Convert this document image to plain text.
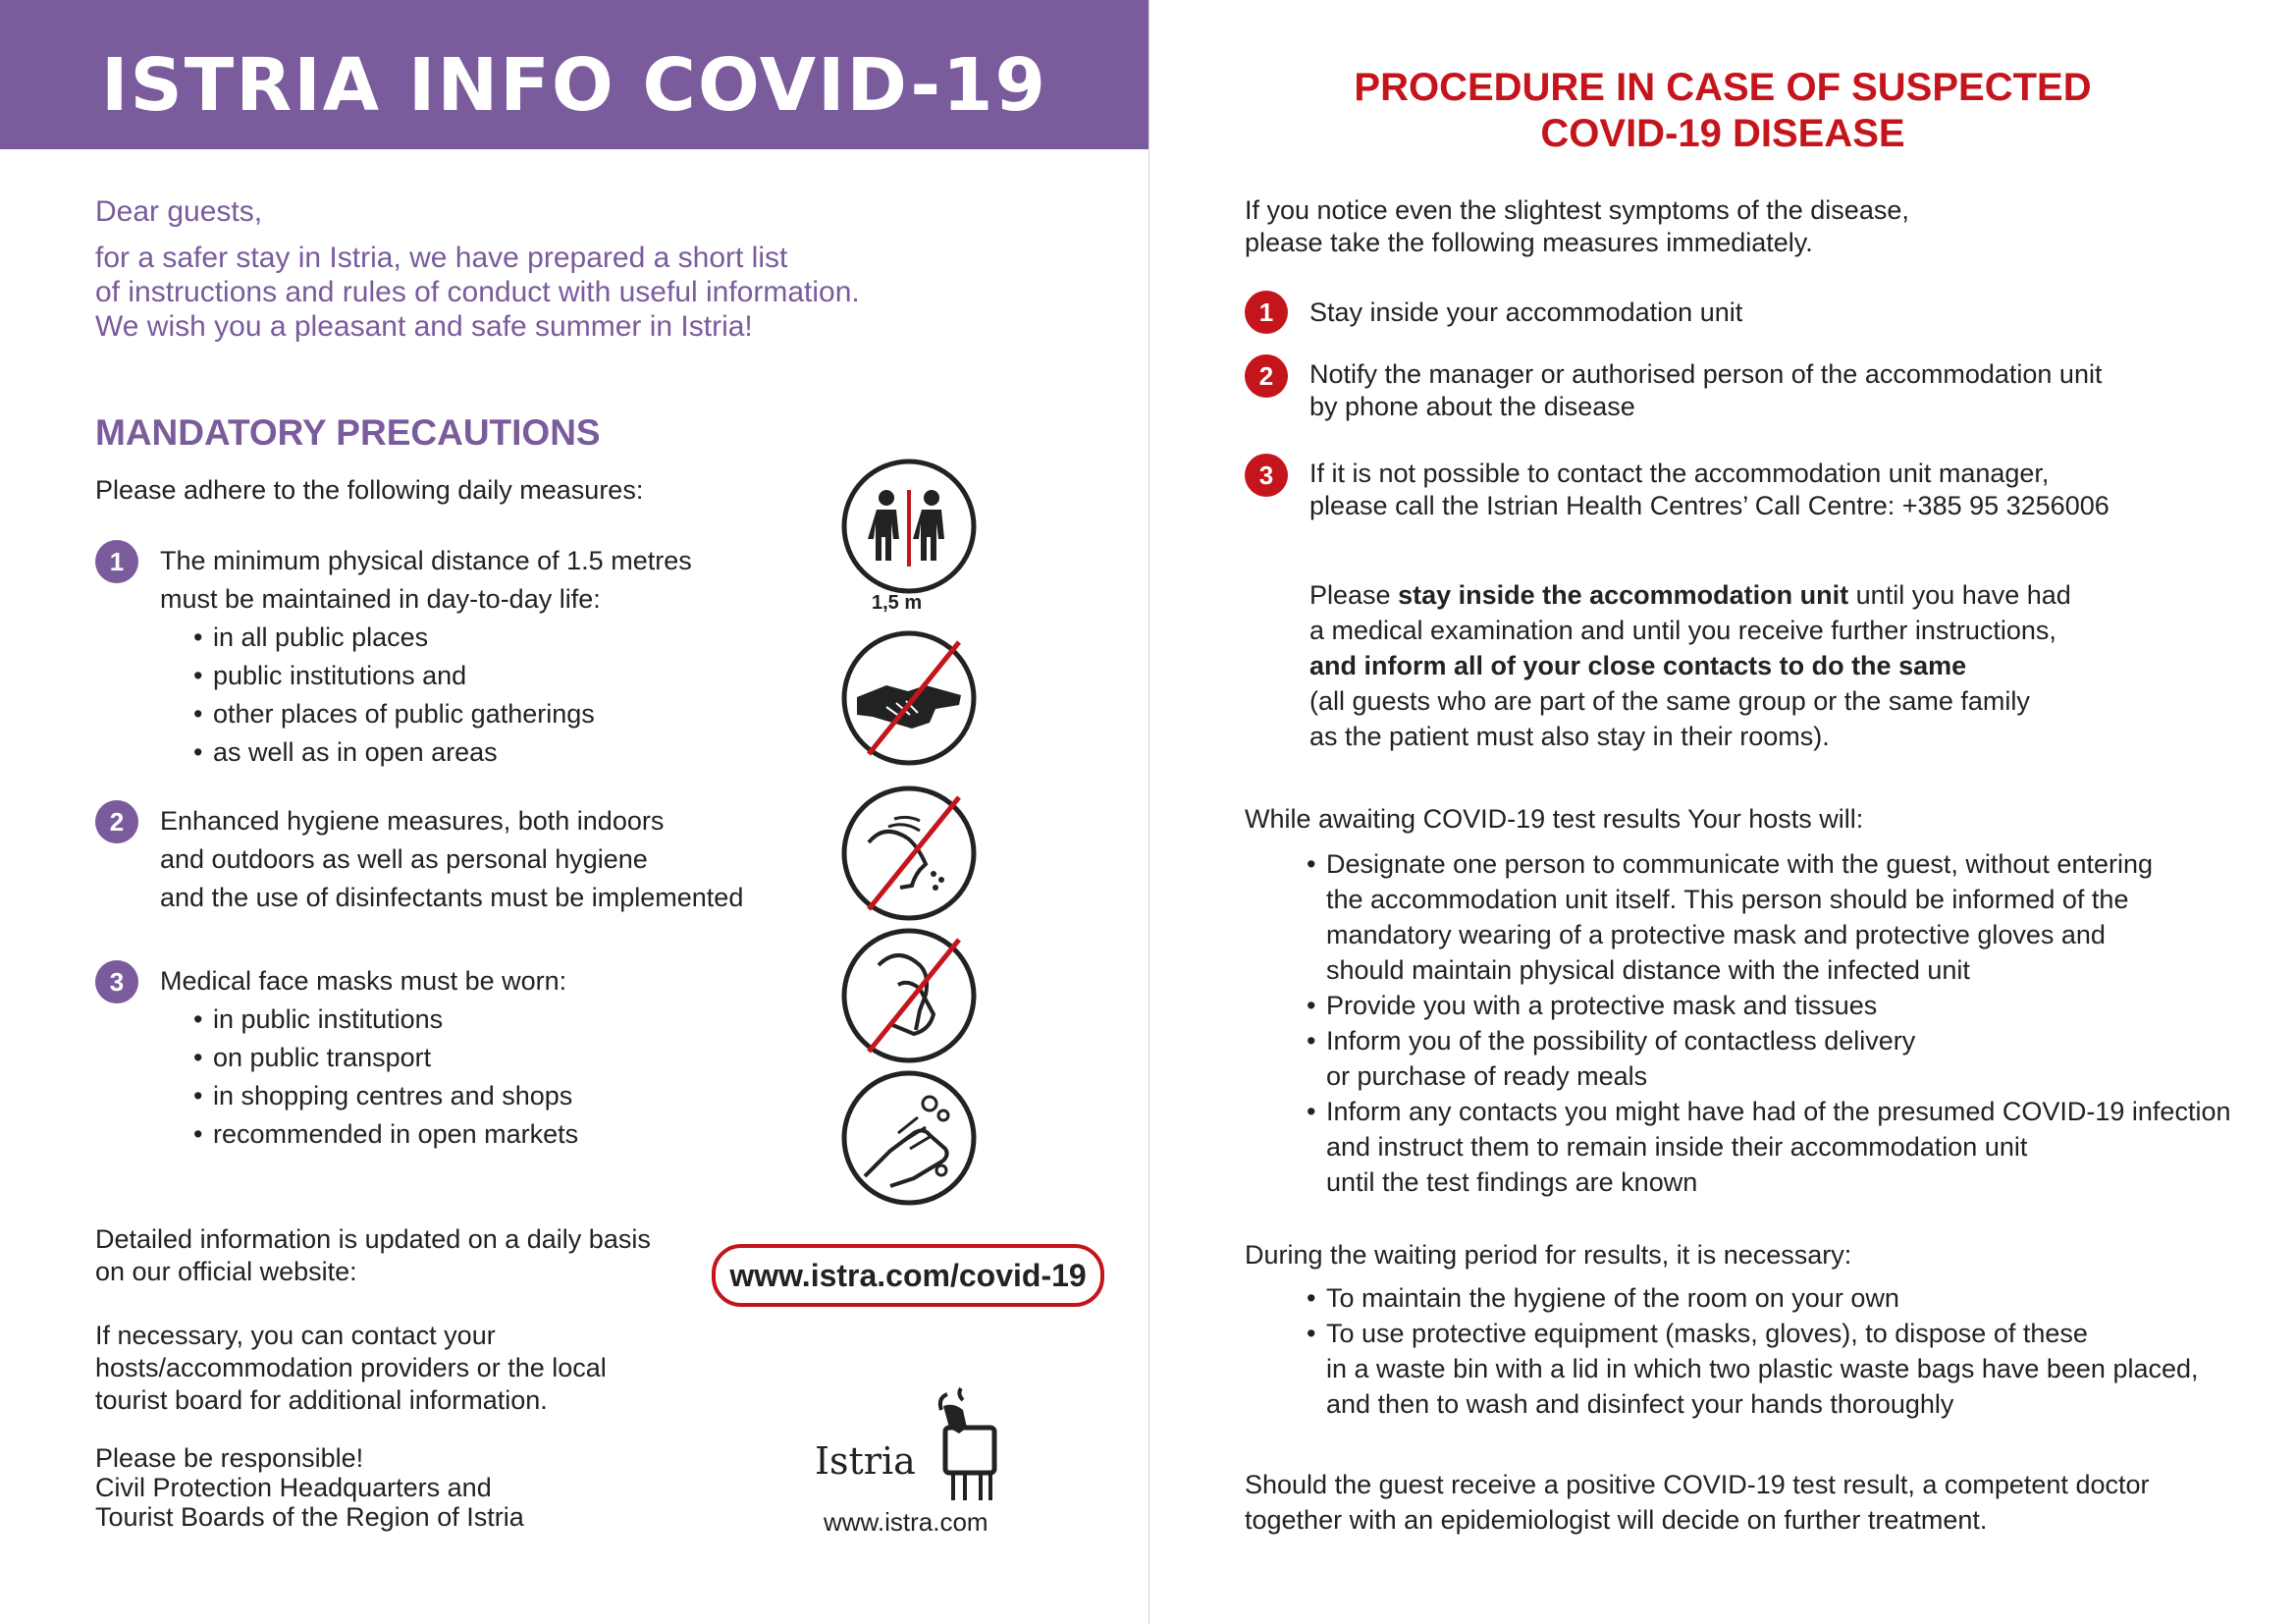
ISTRIA INFO COVID-19

Dear guests,

for a safer stay in Istria, we have prepared a short list

of instructions and rules of conduct with useful information.

We wish you a pleasant and safe summer in Istria!

MANDATORY PRECAUTIONS
Please adhere to the following daily measures:
1	The minimum physical distance of 1.5 metres

must be maintained in day-to-day life:

• in all public places
• public institutions and
• other places of public gatherings
• as well as in open areas
2	Enhanced hygiene measures, both indoors

and outdoors as well as personal hygiene

and the use of disinfectants must be implemented

3	Medical face masks must be worn:

• in public institutions
• on public transport
• in shopping centres and shops
• recommended in open markets
1,5 m

Detailed information is updated on a daily basis

on our official website:	www.istra.com/covid-19

If necessary, you can contact your

hosts/accommodation providers or the local

tourist board for additional information.

Please be responsible!

Civil Protection Headquarters and

Tourist Boards of the Region of Istria

Istria
www.istra.com

PROCEDURE IN CASE OF SUSPECTED

COVID-19 DISEASE

If you notice even the slightest symptoms of the disease,

please take the following measures immediately.

1	Stay inside your accommodation unit

2	Notify the manager or authorised person of the accommodation unit

by phone about the disease

3	If it is not possible to contact the accommodation unit manager,

please call the Istrian Health Centres’ Call Centre: +385 95 3256006

Please stay inside the accommodation unit until you have had

a medical examination and until you receive further instructions,

and inform all of your close contacts to do the same

(all guests who are part of the same group or the same family

as the patient must also stay in their rooms).

While awaiting COVID-19 test results Your hosts will:
• Designate one person to communicate with the guest, without entering
the accommodation unit itself. This person should be informed of the
mandatory wearing of a protective mask and protective gloves and
should maintain physical distance with the infected unit
• Provide you with a protective mask and tissues
• Inform you of the possibility of contactless delivery
or purchase of ready meals
• Inform any contacts you might have had of the presumed COVID-19 infection
and instruct them to remain inside their accommodation unit
until the test findings are known
During the waiting period for results, it is necessary:
• To maintain the hygiene of the room on your own
• To use protective equipment (masks, gloves), to dispose of these
in a waste bin with a lid in which two plastic waste bags have been placed,
and then to wash and disinfect your hands thoroughly

Should the guest receive a positive COVID-19 test result, a competent doctor

together with an epidemiologist will decide on further treatment.
